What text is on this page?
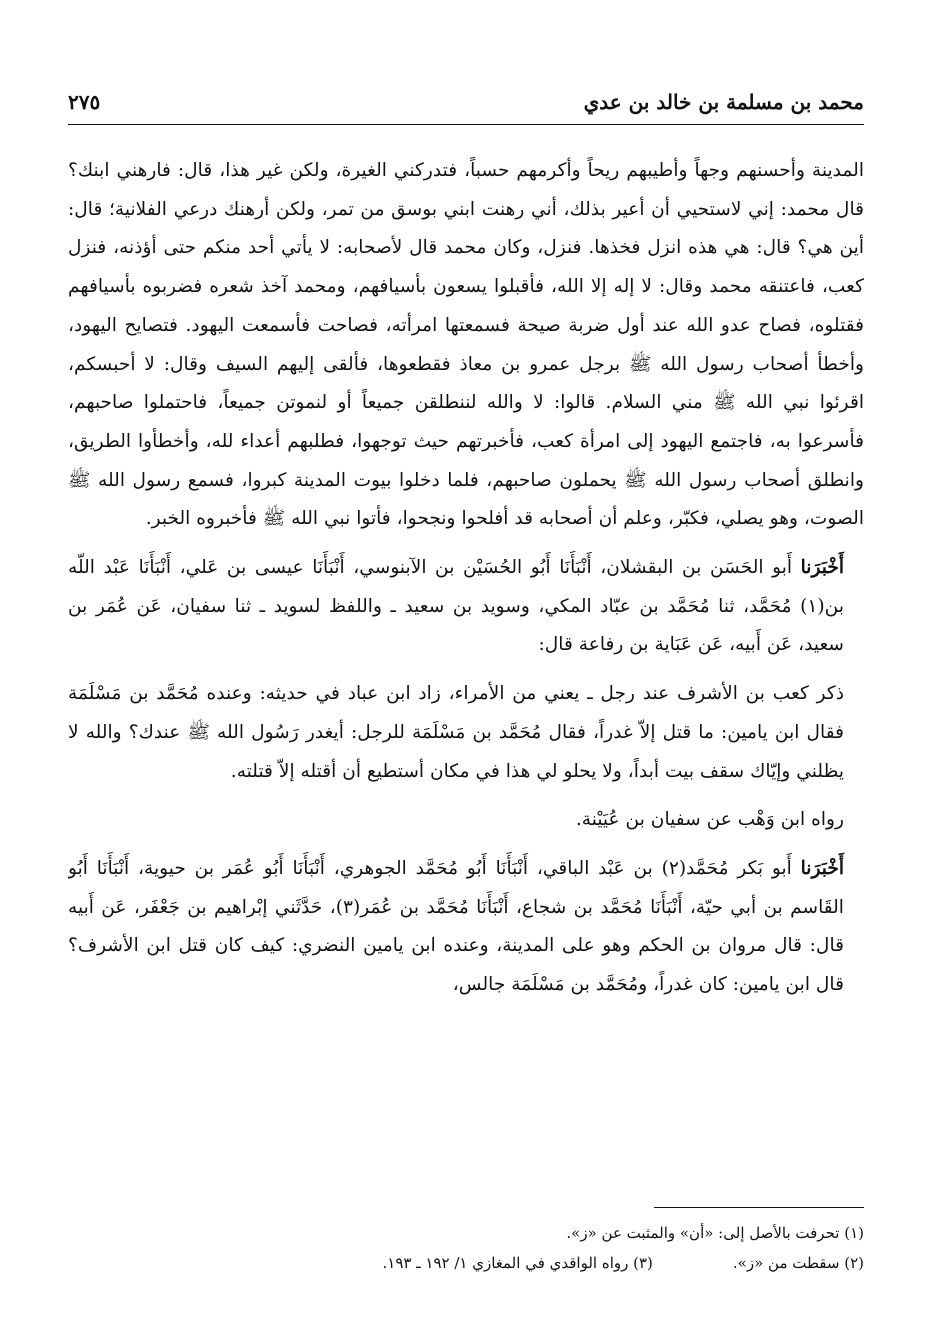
محمد بن مسلمة بن خالد بن عدي
٢٧٥

المدينة وأحسنهم وجهاً وأطيبهم ريحاً وأكرمهم حسباً، فتدركني الغيرة، ولكن غير هذا، قال: فارهني ابنك؟ قال محمد: إني لاستحيي أن أعير بذلك، أني رهنت ابني بوسق من تمر، ولكن أرهنك درعي الفلانية؛ قال: أين هي؟ قال: هي هذه انزل فخذها. فنزل، وكان محمد قال لأصحابه: لا يأتي أحد منكم حتى أؤذنه، فنزل كعب، فاعتنقه محمد وقال: لا إله إلا الله، فأقبلوا يسعون بأسيافهم، ومحمد آخذ شعره فضربوه بأسيافهم فقتلوه، فصاح عدو الله عند أول ضربة صيحة فسمعتها امرأته، فصاحت فأسمعت اليهود. فتصايح اليهود، وأخطأ أصحاب رسول الله ﷺ برجل عمرو بن معاذ فقطعوها، فألقى إليهم السيف وقال: لا أحبسكم، اقرئوا نبي الله ﷺ مني السلام. قالوا: لا والله لننطلقن جميعاً أو لنموتن جميعاً، فاحتملوا صاحبهم، فأسرعوا به، فاجتمع اليهود إلى امرأة كعب، فأخبرتهم حيث توجهوا، فطلبهم أعداء لله، وأخطأوا الطريق، وانطلق أصحاب رسول الله ﷺ يحملون صاحبهم، فلما دخلوا بيوت المدينة كبروا، فسمع رسول الله ﷺ الصوت، وهو يصلي، فكبّر، وعلم أن أصحابه قد أفلحوا ونجحوا، فأتوا نبي الله ﷺ فأخبروه الخبر.

أَخْبَرَنا أَبو الحَسَن بن البقشلان، أَنْبَأَنَا أَبُو الحُسَيْن بن الآبنوسي، أَنْبَأَنَا عيسى بن عَلي، أَنْبَأَنَا عَبْد اللّه بن(١) مُحَمَّد، ثنا مُحَمَّد بن عبّاد المكي، وسويد بن سعيد ـ واللفظ لسويد ـ ثنا سفيان، عَن عُمَر بن سعيد، عَن أَبيه، عَن عَبَاية بن رفاعة قال:

ذكر كعب بن الأشرف عند رجل ـ يعني من الأمراء، زاد ابن عباد في حديثه: وعنده مُحَمَّد بن مَسْلَمَة فقال ابن يامين: ما قتل إلاّ غدراً، فقال مُحَمَّد بن مَسْلَمَة للرجل: أيغدر رَسُول الله ﷺ عندك؟ والله لا يظلني وإيّاك سقف بيت أبداً، ولا يحلو لي هذا في مكان أستطيع أن أقتله إلاّ قتلته.

رواه ابن وَهْب عن سفيان بن عُيَيْنة.

أَخْبَرَنا أَبو بَكر مُحَمَّد(٢) بن عَبْد الباقي، أَنْبَأَنَا أَبُو مُحَمَّد الجوهري، أَنْبَأَنَا أَبُو عُمَر بن حيوية، أَنْبَأَنَا أَبُو القَاسم بن أبي حيّة، أَنْبَأَنَا مُحَمَّد بن شجاع، أَنْبَأَنَا مُحَمَّد بن عُمَر(٣)، حَدَّثَني إبْراهيم بن جَعْفَر، عَن أَبيه قال: قال مروان بن الحكم وهو على المدينة، وعنده ابن يامين النضري: كيف كان قتل ابن الأشرف؟ قال ابن يامين: كان غدراً، ومُحَمَّد بن مَسْلَمَة جالس،

(١) تحرفت بالأصل إلى: «أن» والمثبت عن «ز».
(٢) سقطت من «ز».(٣) رواه الواقدي في المغازي ١/ ١٩٢ ـ ١٩٣.
